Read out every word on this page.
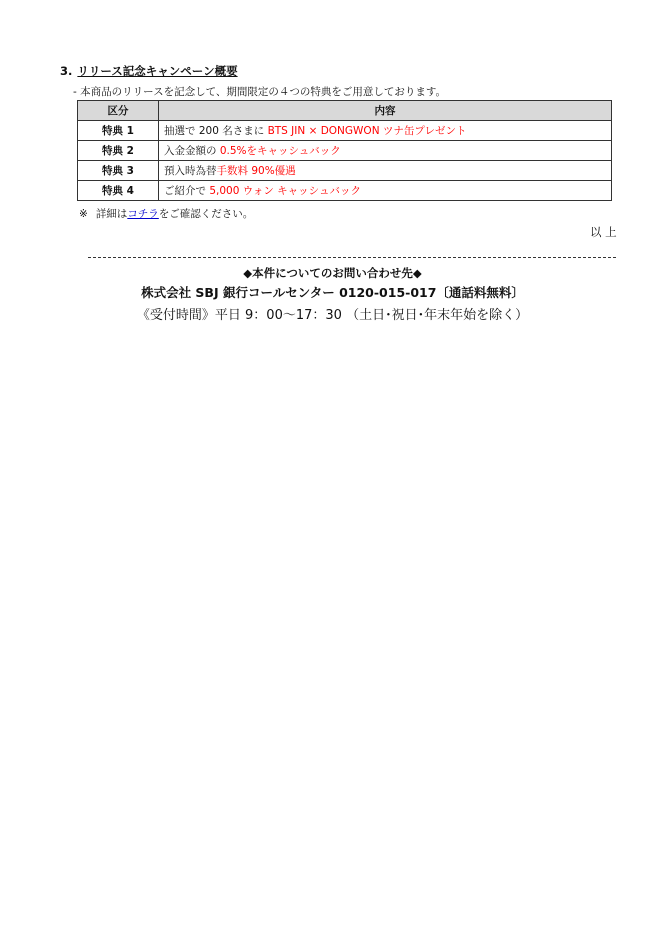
3. リリース記念キャンペーン概要
- 本商品のリリースを記念して、期間限定の４つの特典をご用意しております。
区分	内容
特典 1	抽選で 200 名さまに BTS JIN × DONGWON ツナ缶プレゼント
特典 2	入金金額の 0.5%をキャッシュバック
特典 3	預入時為替手数料 90%優遇
特典 4	ご紹介で 5,000 ウォン キャッシュバック
※ 詳細はコチラをご確認ください。
以 上
◆本件についてのお問い合わせ先◆
株式会社 SBJ 銀行コールセンター 0120-015-017〔通話料無料〕
《受付時間》平日 9：00〜17：30 （土日･祝日･年末年始を除く）
